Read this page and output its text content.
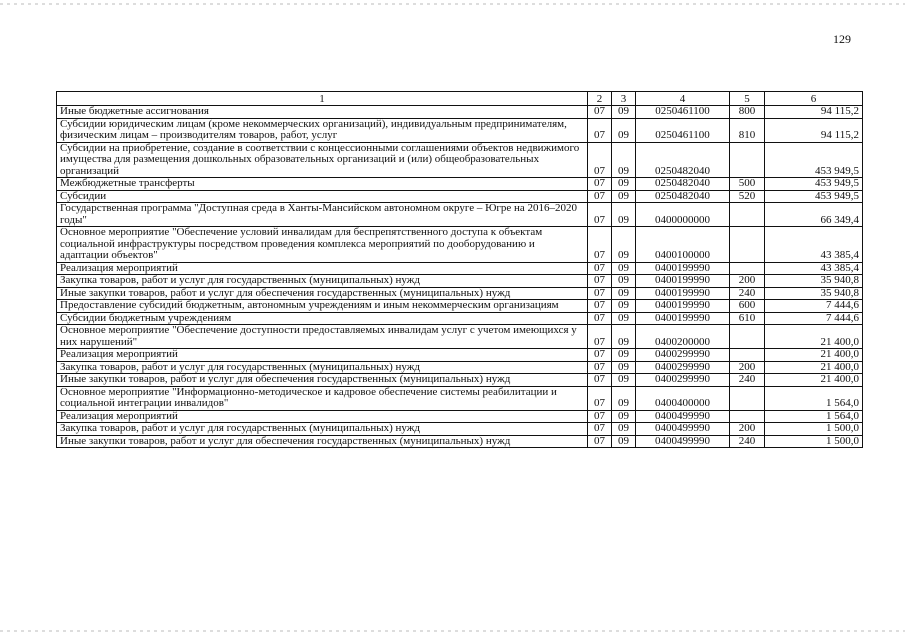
129
1	2	3	4	5	6
Иные бюджетные ассигнования	07	09	0250461100	800	94 115,2
Субсидии юридическим лицам (кроме некоммерческих организаций), индивидуальным предпринимателям, физическим лицам – производителям товаров, работ, услуг	07	09	0250461100	810	94 115,2
Субсидии на приобретение, создание в соответствии с концессионными соглашениями объектов недвижимого имущества для размещения дошкольных образовательных организаций и (или) общеобразовательных организаций	07	09	0250482040		453 949,5
Межбюджетные трансферты	07	09	0250482040	500	453 949,5
Субсидии	07	09	0250482040	520	453 949,5
Государственная программа "Доступная среда в Ханты-Мансийском автономном округе – Югре на 2016–2020 годы"	07	09	0400000000		66 349,4
Основное мероприятие "Обеспечение условий инвалидам для беспрепятственного доступа к объектам социальной инфраструктуры посредством проведения комплекса мероприятий по дооборудованию и адаптации объектов"	07	09	0400100000		43 385,4
Реализация мероприятий	07	09	0400199990		43 385,4
Закупка товаров, работ и услуг для государственных (муниципальных) нужд	07	09	0400199990	200	35 940,8
Иные закупки товаров, работ и услуг для обеспечения государственных (муниципальных) нужд	07	09	0400199990	240	35 940,8
Предоставление субсидий бюджетным, автономным учреждениям и иным некоммерческим организациям	07	09	0400199990	600	7 444,6
Субсидии бюджетным учреждениям	07	09	0400199990	610	7 444,6
Основное мероприятие "Обеспечение доступности предоставляемых инвалидам услуг с учетом имеющихся у них нарушений"	07	09	0400200000		21 400,0
Реализация мероприятий	07	09	0400299990		21 400,0
Закупка товаров, работ и услуг для государственных (муниципальных) нужд	07	09	0400299990	200	21 400,0
Иные закупки товаров, работ и услуг для обеспечения государственных (муниципальных) нужд	07	09	0400299990	240	21 400,0
Основное мероприятие "Информационно-методическое и кадровое обеспечение системы реабилитации и социальной интеграции инвалидов"	07	09	0400400000		1 564,0
Реализация мероприятий	07	09	0400499990		1 564,0
Закупка товаров, работ и услуг для государственных (муниципальных) нужд	07	09	0400499990	200	1 500,0
Иные закупки товаров, работ и услуг для обеспечения государственных (муниципальных) нужд	07	09	0400499990	240	1 500,0
